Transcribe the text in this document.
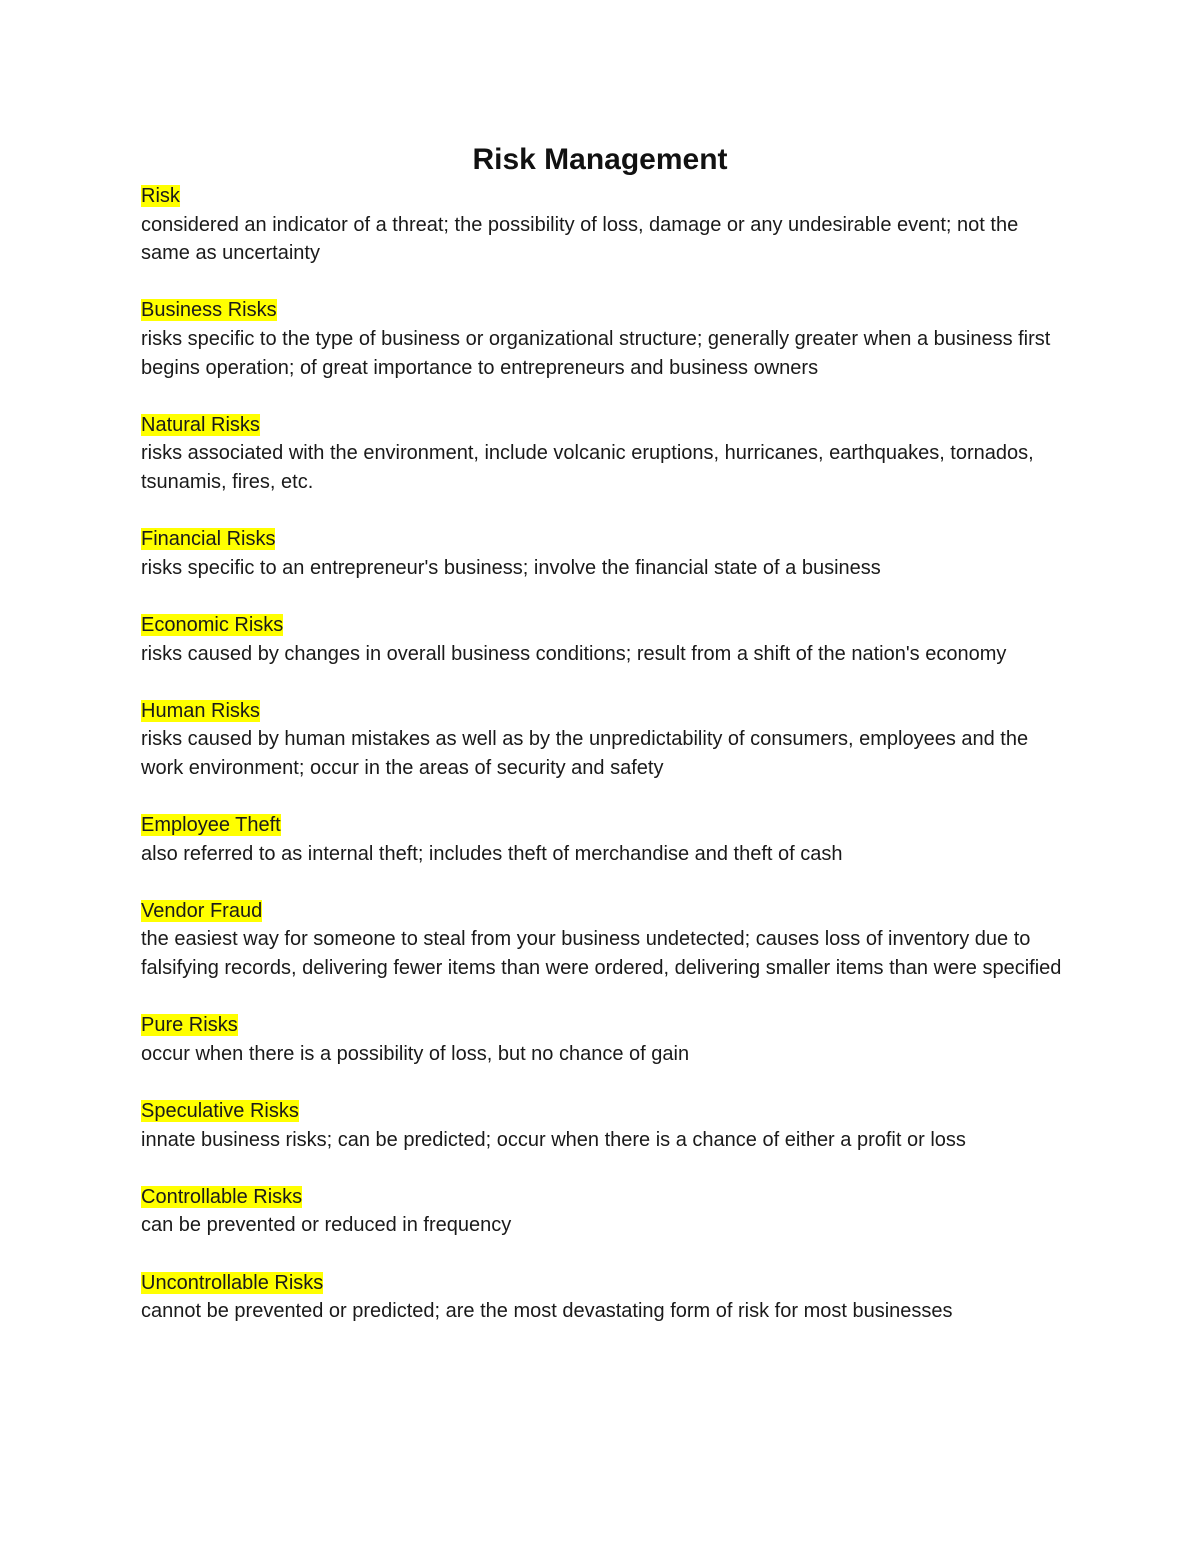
Risk Management

Risk

considered an indicator of a threat; the possibility of loss, damage or any undesirable event; not the same as uncertainty

Business Risks

risks specific to the type of business or organizational structure; generally greater when a business first begins operation; of great importance to entrepreneurs and business owners

Natural Risks

risks associated with the environment, include volcanic eruptions, hurricanes, earthquakes, tornados, tsunamis, fires, etc.

Financial Risks

risks specific to an entrepreneur's business; involve the financial state of a business

Economic Risks

risks caused by changes in overall business conditions; result from a shift of the nation's economy

Human Risks

risks caused by human mistakes as well as by the unpredictability of consumers, employees and the work environment; occur in the areas of security and safety

Employee Theft

also referred to as internal theft; includes theft of merchandise and theft of cash

Vendor Fraud

the easiest way for someone to steal from your business undetected; causes loss of inventory due to falsifying records, delivering fewer items than were ordered, delivering smaller items than were specified

Pure Risks

occur when there is a possibility of loss, but no chance of gain

Speculative Risks

innate business risks; can be predicted; occur when there is a chance of either a profit or loss

Controllable Risks

can be prevented or reduced in frequency

Uncontrollable Risks

cannot be prevented or predicted; are the most devastating form of risk for most businesses
